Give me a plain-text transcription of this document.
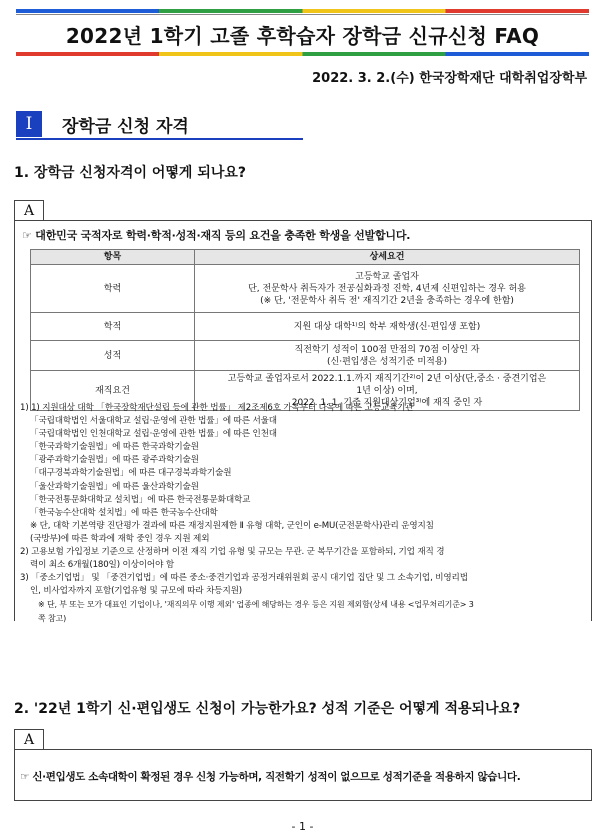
2022년 1학기 고졸 후학습자 장학금 신규신청 FAQ
2022. 3. 2.(수) 한국장학재단 대학취업장학부
Ⅰ	장학금 신청 자격
1. 장학금 신청자격이 어떻게 되나요?
A
☞ 대한민국 국적자로 학력·학적·성적·재직 등의 요건을 충족한 학생을 선발합니다.
항목	상세요건
학력	고등학교 졸업자
단, 전문학사 취득자가 전공심화과정 진학, 4년제 신편입하는 경우 허용
(※ 단, '전문학사 취득 전' 재직기간 2년을 충족하는 경우에 한함)

학적	지원 대상 대학¹⁾의 학부 재학생(신·편입생 포함)

성적	직전학기 성적이 100점 만점의 70점 이상인 자
(신·편입생은 성적기준 미적용)

재직요건	고등학교 졸업자로서 2022.1.1.까지 재직기간²⁾이 2년 이상(단,중소 · 중견기업은
1년 이상) 이며,
2022. 1. 1. 기준 지원대상기업³⁾에 재직 중인 자
1) 1) 지원대상 대학 「한국장학재단설립 등에 관한 법률」 제2조제6호 가목부터 다목에 따른 고등교육기관
「국립대학법인 서울대학교 설립·운영에 관한 법률」에 따른 서울대
「국립대학법인 인천대학교 설립·운영에 관한 법률」에 따른 인천대
「한국과학기술원법」에 따른 한국과학기술원
「광주과학기술원법」에 따른 광주과학기술원
「대구경북과학기술원법」에 따른 대구경북과학기술원
「울산과학기술원법」에 따른 울산과학기술원
「한국전통문화대학교 설치법」에 따른 한국전통문화대학교
「한국농수산대학 설치법」에 따른 한국농수산대학
※ 단, 대학 기본역량 진단평가 결과에 따른 재정지원제한 Ⅱ 유형 대학, 군인이 e-MU(군전문학사)관리 운영지침
(국방부)에 따른 학과에 재학 중인 경우 지원 제외
2) 고용보험 가입정보 기준으로 산정하며 이전 재직 기업 유형 및 규모는 무관. 군 복무기간을 포함하되, 기업 재직 경
력이 최소 6개월(180일) 이상이어야 함
3) 「중소기업법」 및 「중견기업법」에 따른 중소·중견기업과 공정거래위원회 공시 대기업 집단 및 그 소속기업, 비영리법
인, 비사업자까지 포함(기업유형 및 규모에 따라 차등지원)
※ 단, 부 또는 모가 대표인 기업이나, '재직의무 이행 제외' 업종에 해당하는 경우 등은 지원 제외함(상세 내용 <업무처리기준> 3
쪽 참고)
2. '22년 1학기 신·편입생도 신청이 가능한가요? 성적 기준은 어떻게 적용되나요?
A
☞ 신·편입생도 소속대학이 확정된 경우 신청 가능하며, 직전학기 성적이 없으므로 성적기준을 적용하지 않습니다.
- 1 -
